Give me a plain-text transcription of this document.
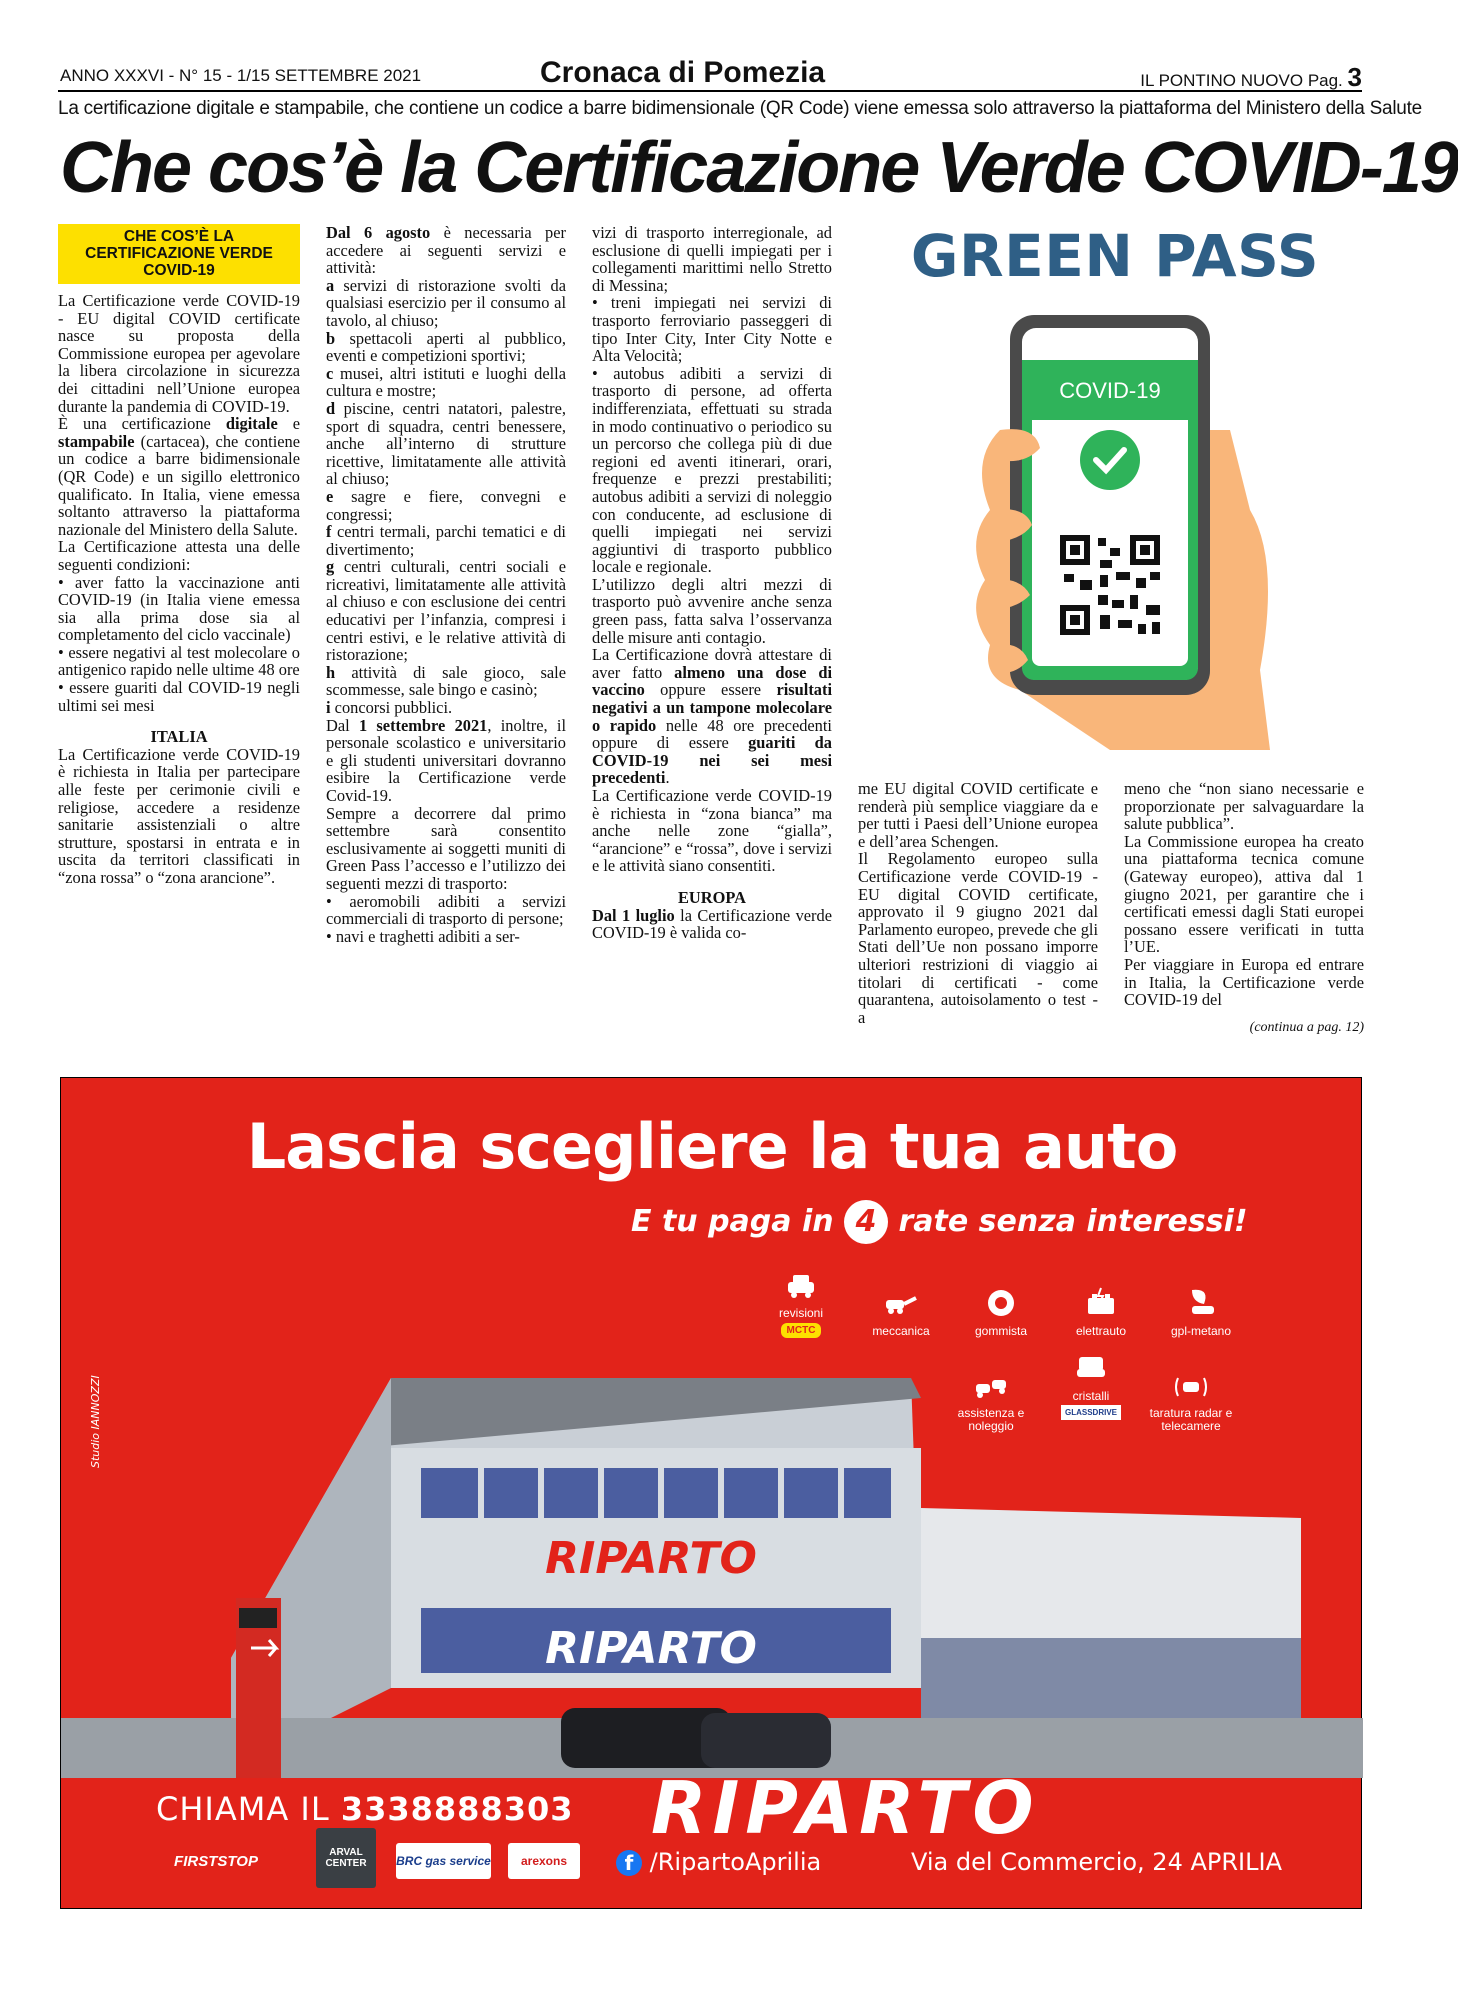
ANNO XXXVI - N° 15 - 1/15 SETTEMBRE 2021	Cronaca di Pomezia	IL PONTINO NUOVO Pag. 3
La certificazione digitale e stampabile, che contiene un codice a barre bidimensionale (QR Code) viene emessa solo attraverso la piattaforma del Ministero della Salute
Che cos’è la Certificazione Verde COVID-19
CHE COS’È LA CERTIFICAZIONE VERDE COVID-19

La Certificazione verde COVID-19 - EU digital COVID certificate nasce su proposta della Commissione europea per agevolare la libera circolazione in sicurezza dei cittadini nell’Unione europea durante la pandemia di COVID-19.

È una certificazione digitale e stampabile (cartacea), che contiene un codice a barre bidimensionale (QR Code) e un sigillo elettronico qualificato. In Italia, viene emessa soltanto attraverso la piattaforma nazionale del Ministero della Salute.

La Certificazione attesta una delle seguenti condizioni:

• aver fatto la vaccinazione anti COVID-19 (in Italia viene emessa sia alla prima dose sia al completamento del ciclo vaccinale)

• essere negativi al test molecolare o antigenico rapido nelle ultime 48 ore

• essere guariti dal COVID-19 negli ultimi sei mesi

ITALIA

La Certificazione verde COVID-19 è richiesta in Italia per partecipare alle feste per cerimonie civili e religiose, accedere a residenze sanitarie assistenziali o altre strutture, spostarsi in entrata e in uscita da territori classificati in “zona rossa” o “zona arancione”.

Dal 6 agosto è necessaria per accedere ai seguenti servizi e attività:

a servizi di ristorazione svolti da qualsiasi esercizio per il consumo al tavolo, al chiuso;

b spettacoli aperti al pubblico, eventi e competizioni sportivi;

c musei, altri istituti e luoghi della cultura e mostre;

d piscine, centri natatori, palestre, sport di squadra, centri benessere, anche all’interno di strutture ricettive, limitatamente alle attività al chiuso;

e sagre e fiere, convegni e congressi;

f centri termali, parchi tematici e di divertimento;

g centri culturali, centri sociali e ricreativi, limitatamente alle attività al chiuso e con esclusione dei centri educativi per l’infanzia, compresi i centri estivi, e le relative attività di ristorazione;

h attività di sale gioco, sale scommesse, sale bingo e casinò;

i concorsi pubblici.

Dal 1 settembre 2021, inoltre, il personale scolastico e universitario e gli studenti universitari dovranno esibire la Certificazione verde Covid-19.

Sempre a decorrere dal primo settembre sarà consentito esclusivamente ai soggetti muniti di Green Pass l’accesso e l’utilizzo dei seguenti mezzi di trasporto:

• aeromobili adibiti a servizi commerciali di trasporto di persone;

• navi e traghetti adibiti a ser-

vizi di trasporto interregionale, ad esclusione di quelli impiegati per i collegamenti marittimi nello Stretto di Messina;

• treni impiegati nei servizi di trasporto ferroviario passeggeri di tipo Inter City, Inter City Notte e Alta Velocità;

• autobus adibiti a servizi di trasporto di persone, ad offerta indifferenziata, effettuati su strada in modo continuativo o periodico su un percorso che collega più di due regioni ed aventi itinerari, orari, frequenze e prezzi prestabiliti; autobus adibiti a servizi di noleggio con conducente, ad esclusione di quelli impiegati nei servizi aggiuntivi di trasporto pubblico locale e regionale.

L’utilizzo degli altri mezzi di trasporto può avvenire anche senza green pass, fatta salva l’osservanza delle misure anti contagio.

La Certificazione dovrà attestare di aver fatto almeno una dose di vaccino oppure essere risultati negativi a un tampone molecolare o rapido nelle 48 ore precedenti oppure di essere guariti da COVID-19 nei sei mesi precedenti.

La Certificazione verde COVID-19 è richiesta in “zona bianca” ma anche nelle zone “gialla”, “arancione” e “rossa”, dove i servizi e le attività siano consentiti.

EUROPA

Dal 1 luglio la Certificazione verde COVID-19 è valida co-

me EU digital COVID certificate e renderà più semplice viaggiare da e per tutti i Paesi dell’Unione europea e dell’area Schengen.

Il Regolamento europeo sulla Certificazione verde COVID-19 - EU digital COVID certificate, approvato il 9 giugno 2021 dal Parlamento europeo, prevede che gli Stati dell’Ue non possano imporre ulteriori restrizioni di viaggio ai titolari di certificati - come quarantena, autoisolamento o test - a

meno che “non siano necessarie e proporzionate per salvaguardare la salute pubblica”.

La Commissione europea ha creato una piattaforma tecnica comune (Gateway europeo), attiva dal 1 giugno 2021, per garantire che i certificati emessi dagli Stati europei possano essere verificati in tutta l’UE.

Per viaggiare in Europa ed entrare in Italia, la Certificazione verde COVID-19 del

(continua a pag. 12)
GREEN PASS
COVID-19
Lascia scegliere la tua auto
E tu paga in 4 rate senza interessi!
revisioni
MCTC	meccanica	gommista	elettrauto	gpl-metano
assistenza e noleggio
cristalli
GLASSDRIVE	taratura radar e telecamere
RIPARTO
RIPARTO
Studio IANNOZZI
CHIAMA IL 3338888303 RIPARTO
FIRSTSTOP	ARVAL
CENTER BRC gas service	arexons	f /RipartoAprilia	Via del Commercio, 24 APRILIA
